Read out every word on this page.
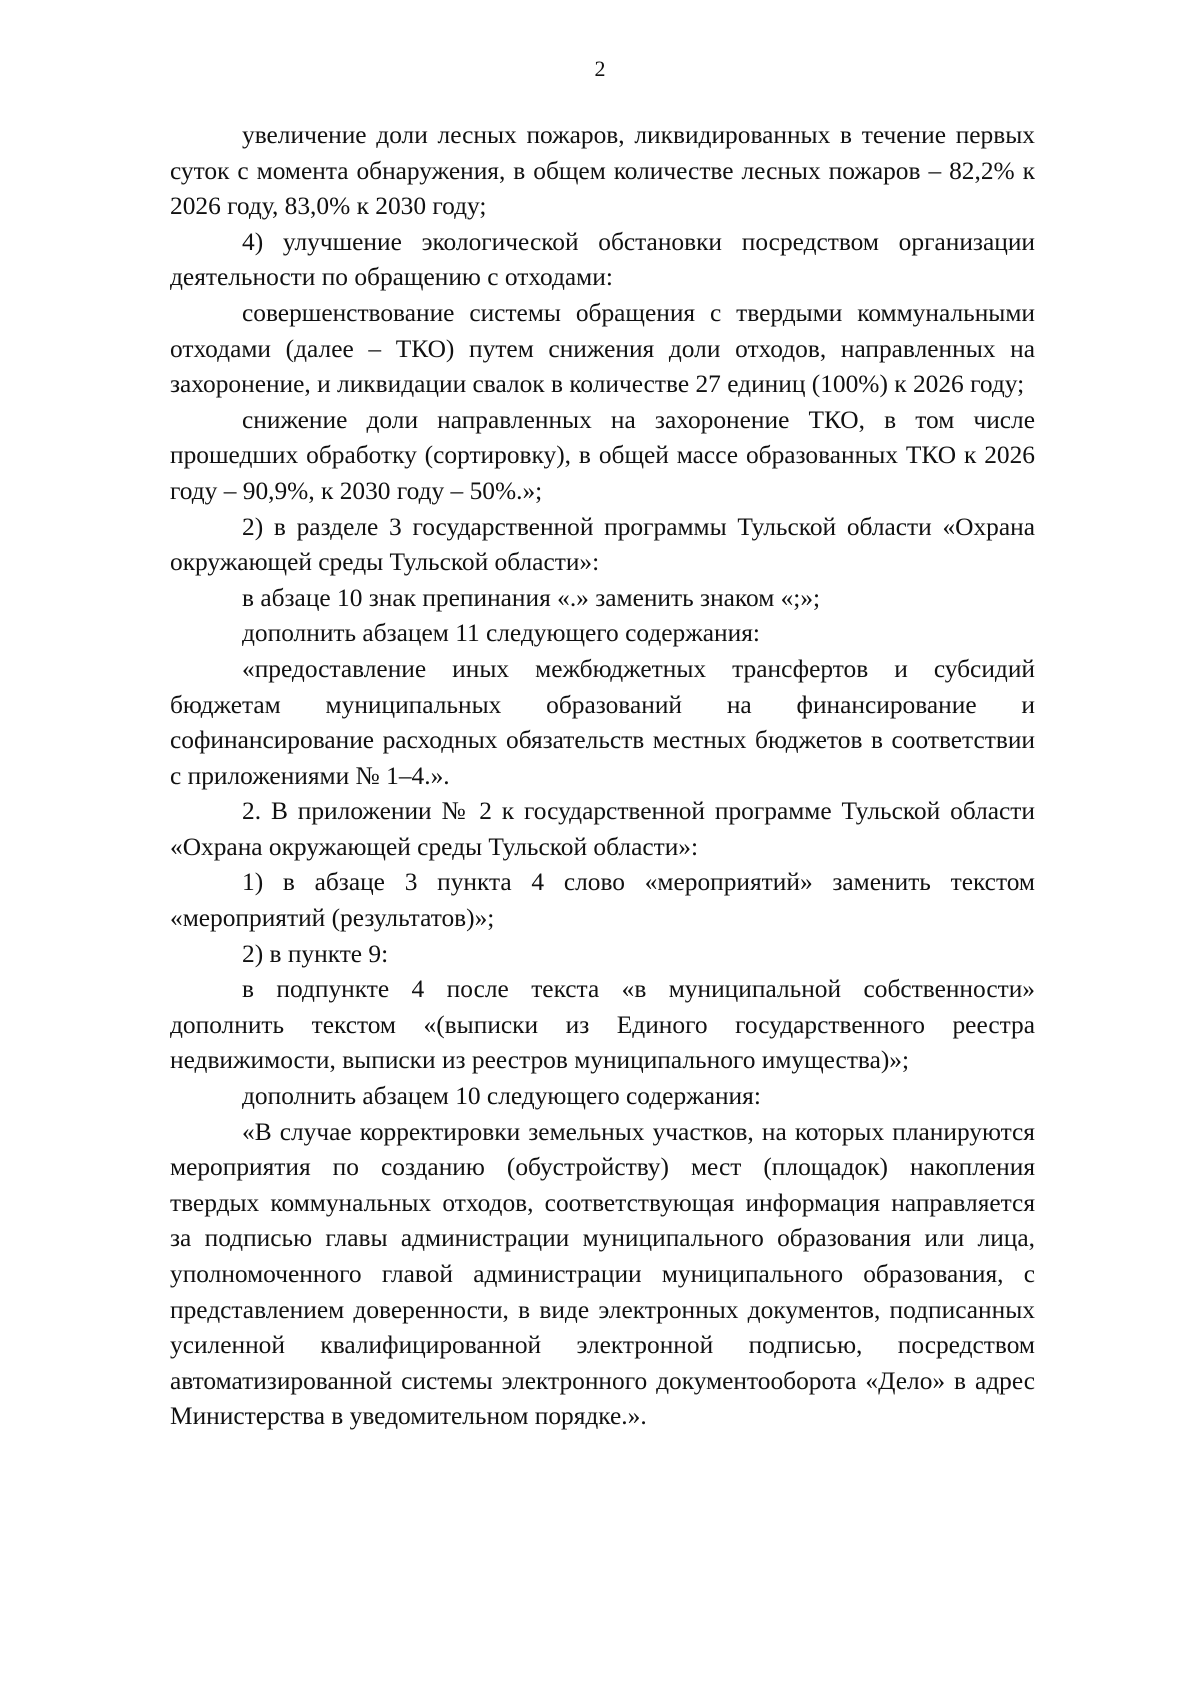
2

увеличение доли лесных пожаров, ликвидированных в течение первых суток с момента обнаружения, в общем количестве лесных пожаров – 82,2% к 2026 году, 83,0% к 2030 году;

4) улучшение экологической обстановки посредством организации деятельности по обращению с отходами:

совершенствование системы обращения с твердыми коммунальными отходами (далее – ТКО) путем снижения доли отходов, направленных на захоронение, и ликвидации свалок в количестве 27 единиц (100%) к 2026 году;

снижение доли направленных на захоронение ТКО, в том числе прошедших обработку (сортировку), в общей массе образованных ТКО к 2026 году – 90,9%, к 2030 году – 50%.»;

2) в разделе 3 государственной программы Тульской области «Охрана окружающей среды Тульской области»:

в абзаце 10 знак препинания «.» заменить знаком «;»;

дополнить абзацем 11 следующего содержания:

«предоставление иных межбюджетных трансфертов и субсидий бюджетам муниципальных образований на финансирование и софинансирование расходных обязательств местных бюджетов в соответствии с приложениями № 1–4.».

2. В приложении № 2 к государственной программе Тульской области «Охрана окружающей среды Тульской области»:

1) в абзаце 3 пункта 4 слово «мероприятий» заменить текстом «мероприятий (результатов)»;

2) в пункте 9:

в подпункте 4 после текста «в муниципальной собственности» дополнить текстом «(выписки из Единого государственного реестра недвижимости, выписки из реестров муниципального имущества)»;

дополнить абзацем 10 следующего содержания:

«В случае корректировки земельных участков, на которых планируются мероприятия по созданию (обустройству) мест (площадок) накопления твердых коммунальных отходов, соответствующая информация направляется за подписью главы администрации муниципального образования или лица, уполномоченного главой администрации муниципального образования, с представлением доверенности, в виде электронных документов, подписанных усиленной квалифицированной электронной подписью, посредством автоматизированной системы электронного документооборота «Дело» в адрес Министерства в уведомительном порядке.».
